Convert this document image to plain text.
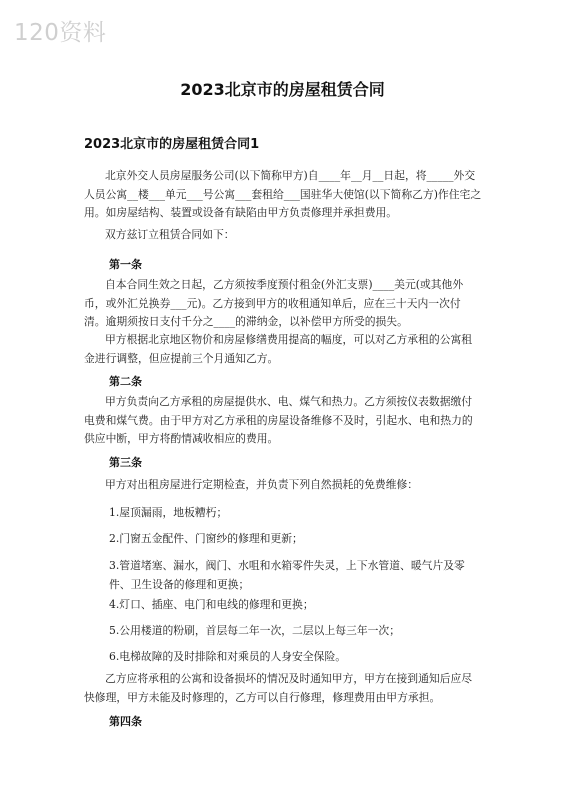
120资料
2023北京市的房屋租赁合同
2023北京市的房屋租赁合同1

北京外交人员房屋服务公司(以下简称甲方)自____年__月__日起，将_____外交人员公寓__楼___单元___号公寓___套租给___国驻华大使馆(以下简称乙方)作住宅之用。如房屋结构、装置或设备有缺陷由甲方负责修理并承担费用。

双方兹订立租赁合同如下：

第一条

自本合同生效之日起，乙方须按季度预付租金(外汇支票)____美元(或其他外币，或外汇兑换券___元)。乙方接到甲方的收租通知单后，应在三十天内一次付清。逾期须按日支付千分之____的滞纳金，以补偿甲方所受的损失。

甲方根据北京地区物价和房屋修缮费用提高的幅度，可以对乙方承租的公寓租金进行调整，但应提前三个月通知乙方。

第二条

甲方负责向乙方承租的房屋提供水、电、煤气和热力。乙方须按仪表数据缴付电费和煤气费。由于甲方对乙方承租的房屋设备维修不及时，引起水、电和热力的供应中断，甲方将酌情减收相应的费用。

第三条

甲方对出租房屋进行定期检查，并负责下列自然损耗的免费维修：

1.屋顶漏雨，地板糟朽；

2.门窗五金配件、门窗纱的修理和更新；

3.管道堵塞、漏水，阀门、水咀和水箱零件失灵，上下水管道、暖气片及零件、卫生设备的修理和更换；

4.灯口、插座、电门和电线的修理和更换；

5.公用楼道的粉刷，首层每二年一次，二层以上每三年一次；

6.电梯故障的及时排除和对乘员的人身安全保险。

乙方应将承租的公寓和设备损坏的情况及时通知甲方，甲方在接到通知后应尽快修理，甲方未能及时修理的，乙方可以自行修理，修理费用由甲方承担。

第四条
